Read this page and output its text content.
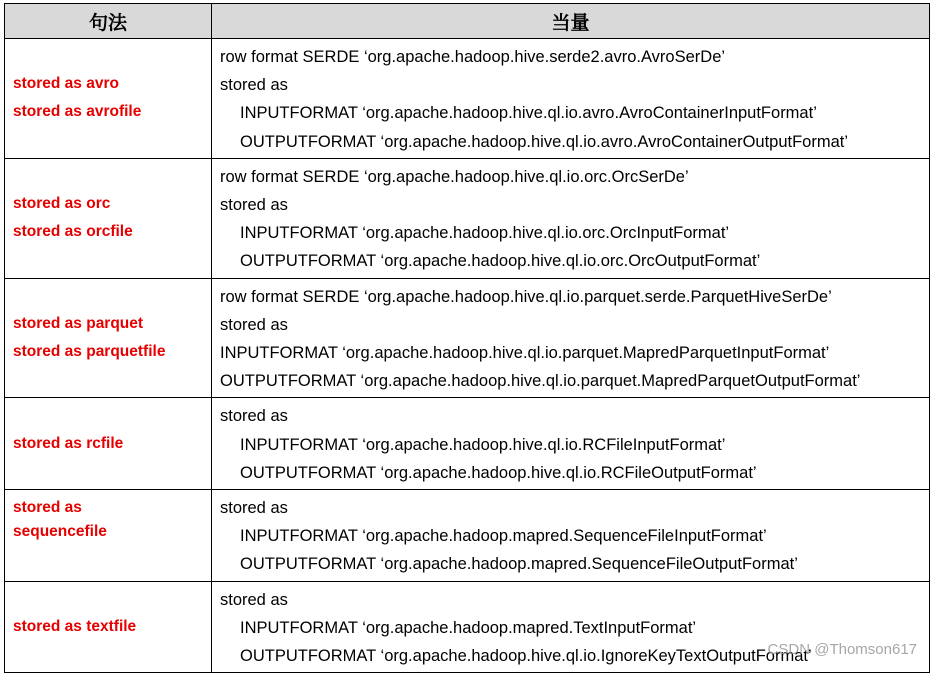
句法	当量

stored as avro
stored as avrofile	row format SERDE ‘org.apache.hadoop.hive.serde2.avro.AvroSerDe’
stored as
INPUTFORMAT ‘org.apache.hadoop.hive.ql.io.avro.AvroContainerInputFormat’
OUTPUTFORMAT ‘org.apache.hadoop.hive.ql.io.avro.AvroContainerOutputFormat’

stored as orc
stored as orcfile	row format SERDE ‘org.apache.hadoop.hive.ql.io.orc.OrcSerDe’
stored as
INPUTFORMAT ‘org.apache.hadoop.hive.ql.io.orc.OrcInputFormat’
OUTPUTFORMAT ‘org.apache.hadoop.hive.ql.io.orc.OrcOutputFormat’

stored as parquet
stored as parquetfile	row format SERDE ‘org.apache.hadoop.hive.ql.io.parquet.serde.ParquetHiveSerDe’
stored as
INPUTFORMAT ‘org.apache.hadoop.hive.ql.io.parquet.MapredParquetInputFormat’
OUTPUTFORMAT ‘org.apache.hadoop.hive.ql.io.parquet.MapredParquetOutputFormat’

stored as rcfile	stored as
INPUTFORMAT ‘org.apache.hadoop.hive.ql.io.RCFileInputFormat’
OUTPUTFORMAT ‘org.apache.hadoop.hive.ql.io.RCFileOutputFormat’

stored as
sequencefile	stored as
INPUTFORMAT ‘org.apache.hadoop.mapred.SequenceFileInputFormat’
OUTPUTFORMAT ‘org.apache.hadoop.mapred.SequenceFileOutputFormat’

stored as textfile	stored as
INPUTFORMAT ‘org.apache.hadoop.mapred.TextInputFormat’
OUTPUTFORMAT ‘org.apache.hadoop.hive.ql.io.IgnoreKeyTextOutputFormat’
CSDN @Thomson617
